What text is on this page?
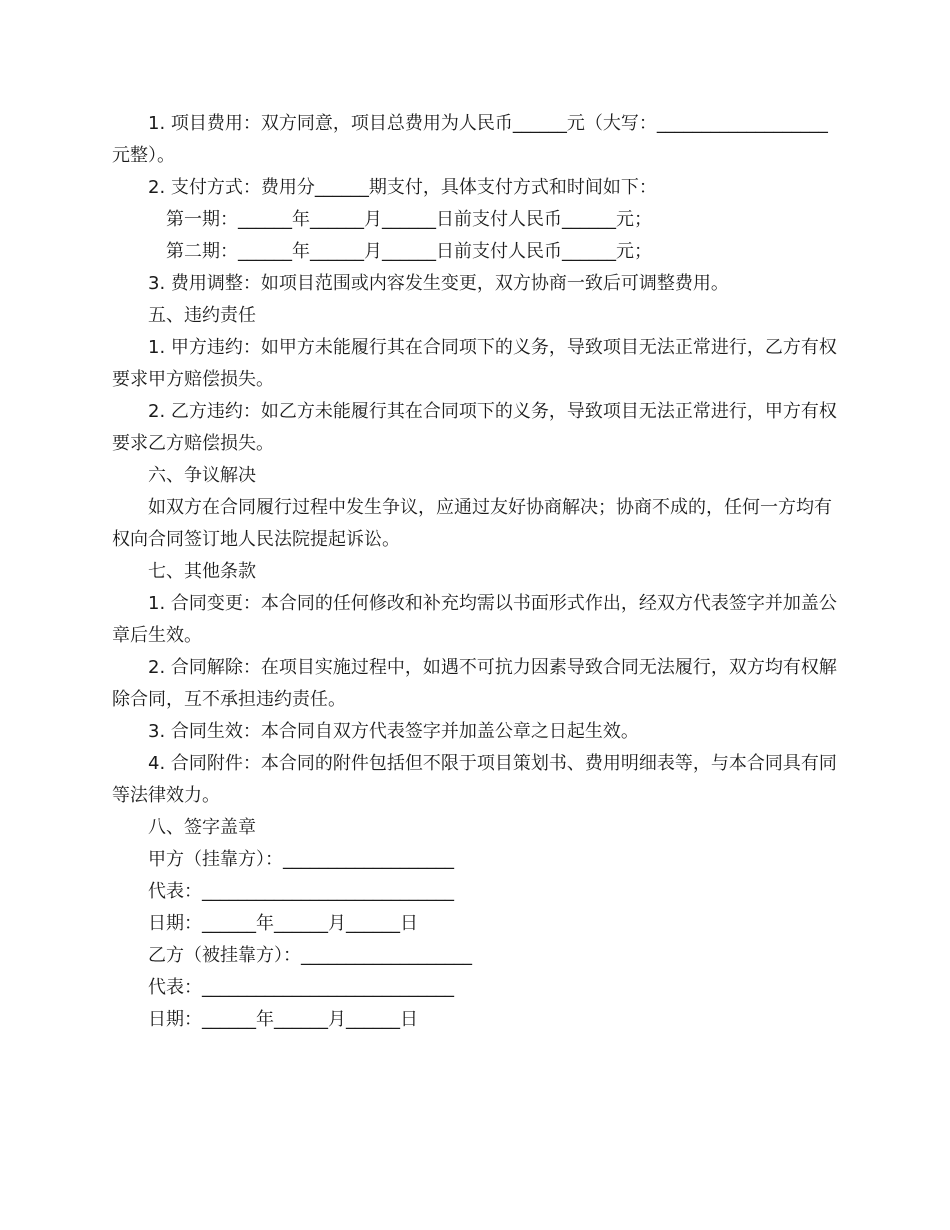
1. 项目费用：双方同意，项目总费用为人民币______元（大写：___________________元整）。

2. 支付方式：费用分______期支付，具体支付方式和时间如下：

第一期：______年______月______日前支付人民币______元；

第二期：______年______月______日前支付人民币______元；

3. 费用调整：如项目范围或内容发生变更，双方协商一致后可调整费用。

五、违约责任

1. 甲方违约：如甲方未能履行其在合同项下的义务，导致项目无法正常进行，乙方有权要求甲方赔偿损失。

2. 乙方违约：如乙方未能履行其在合同项下的义务，导致项目无法正常进行，甲方有权要求乙方赔偿损失。

六、争议解决

如双方在合同履行过程中发生争议，应通过友好协商解决；协商不成的，任何一方均有权向合同签订地人民法院提起诉讼。

七、其他条款

1. 合同变更：本合同的任何修改和补充均需以书面形式作出，经双方代表签字并加盖公章后生效。

2. 合同解除：在项目实施过程中，如遇不可抗力因素导致合同无法履行，双方均有权解除合同，互不承担违约责任。

3. 合同生效：本合同自双方代表签字并加盖公章之日起生效。

4. 合同附件：本合同的附件包括但不限于项目策划书、费用明细表等，与本合同具有同等法律效力。

八、签字盖章

甲方（挂靠方）：___________________

代表：____________________________

日期：______年______月______日

乙方（被挂靠方）：___________________

代表：____________________________

日期：______年______月______日
